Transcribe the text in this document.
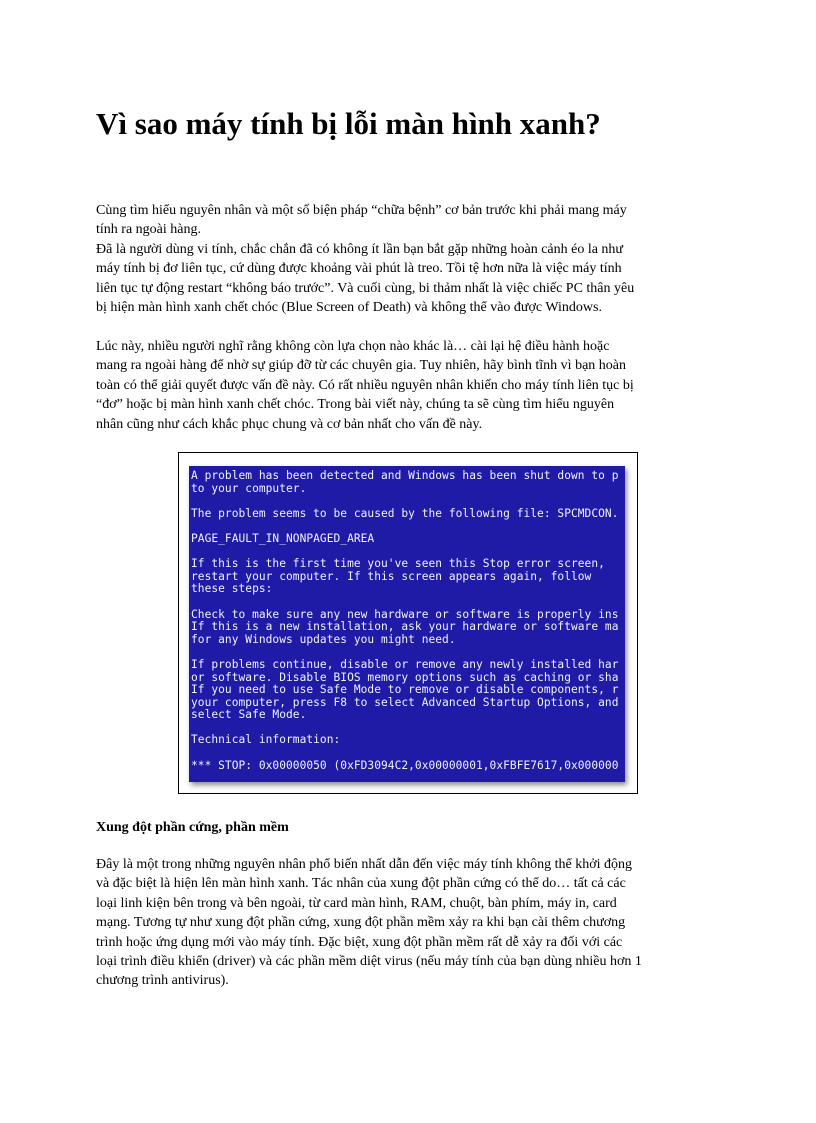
Vì sao máy tính bị lỗi màn hình xanh?

Cùng tìm hiểu nguyên nhân và một số biện pháp “chữa bệnh” cơ bản trước khi phải mang máy
tính ra ngoài hàng.
Đã là người dùng vi tính, chắc chắn đã có không ít lần bạn bắt gặp những hoàn cảnh éo la như
máy tính bị đơ liên tục, cứ dùng được khoảng vài phút là treo. Tồi tệ hơn nữa là việc máy tính
liên tục tự động restart “không báo trước”. Và cuối cùng, bi thảm nhất là việc chiếc PC thân yêu
bị hiện màn hình xanh chết chóc (Blue Screen of Death) và không thể vào được Windows.

Lúc này, nhiều người nghĩ rằng không còn lựa chọn nào khác là… cài lại hệ điều hành hoặc
mang ra ngoài hàng để nhờ sự giúp đỡ từ các chuyên gia. Tuy nhiên, hãy bình tĩnh vì bạn hoàn
toàn có thể giải quyết được vấn đề này. Có rất nhiều nguyên nhân khiến cho máy tính liên tục bị
“đơ” hoặc bị màn hình xanh chết chóc. Trong bài viết này, chúng ta sẽ cùng tìm hiểu nguyên
nhân cũng như cách khắc phục chung và cơ bản nhất cho vấn đề này.

A problem has been detected and Windows has been shut down to p
to your computer.
The problem seems to be caused by the following file: SPCMDCON.
PAGE_FAULT_IN_NONPAGED_AREA
If this is the first time you've seen this Stop error screen,
restart your computer. If this screen appears again, follow
these steps:
Check to make sure any new hardware or software is properly ins
If this is a new installation, ask your hardware or software ma
for any Windows updates you might need.
If problems continue, disable or remove any newly installed har
or software. Disable BIOS memory options such as caching or sha
If you need to use Safe Mode to remove or disable components, r
your computer, press F8 to select Advanced Startup Options, and
select Safe Mode.
Technical information:
*** STOP: 0x00000050 (0xFD3094C2,0x00000001,0xFBFE7617,0x000000
Xung đột phần cứng, phần mềm

Đây là một trong những nguyên nhân phổ biến nhất dẫn đến việc máy tính không thể khởi động
và đặc biệt là hiện lên màn hình xanh. Tác nhân của xung đột phần cứng có thể do… tất cả các
loại linh kiện bên trong và bên ngoài, từ card màn hình, RAM, chuột, bàn phím, máy in, card
mạng. Tương tự như xung đột phần cứng, xung đột phần mềm xảy ra khi bạn cài thêm chương
trình hoặc ứng dụng mới vào máy tính. Đặc biệt, xung đột phần mềm rất dễ xảy ra đối với các
loại trình điều khiển (driver) và các phần mềm diệt virus (nếu máy tính của bạn dùng nhiều hơn 1
chương trình antivirus).
